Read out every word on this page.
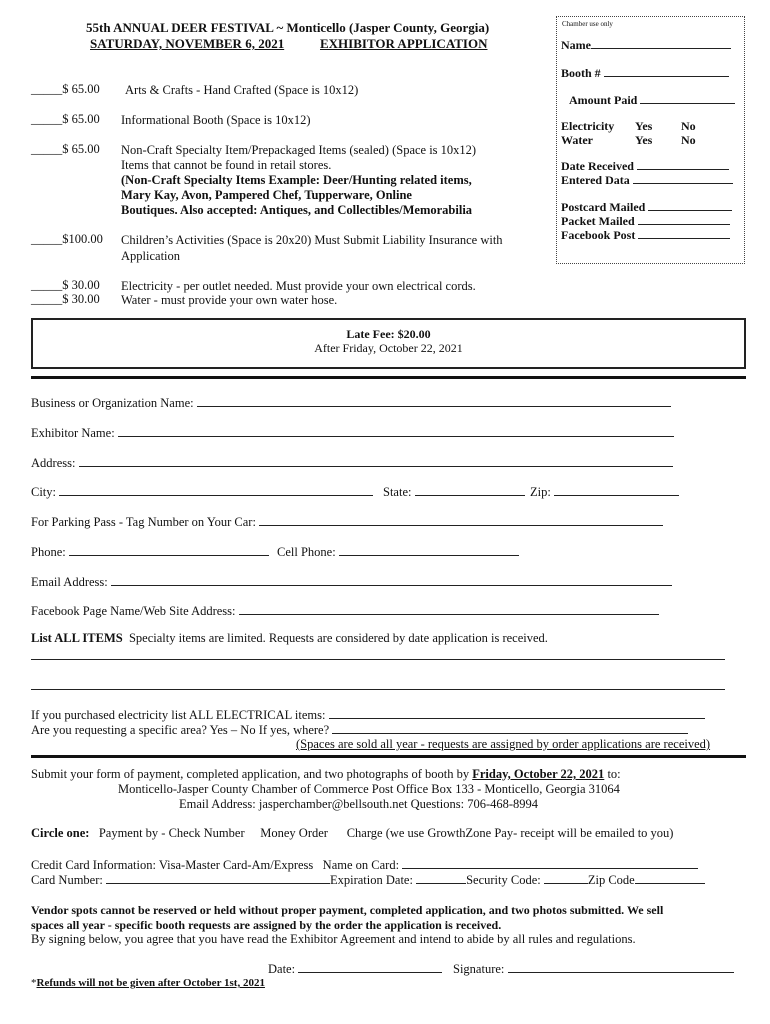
55th ANNUAL DEER FESTIVAL ~ Monticello (Jasper County, Georgia)
SATURDAY, NOVEMBER 6, 2021	EXHIBITOR APPLICATION
Chamber use only
Name
Booth #
Amount Paid
Electricity Yes No
Water	Yes No
Date Received
Entered Data
Postcard Mailed
Packet Mailed
Facebook Post
_____$ 65.00 Arts & Crafts - Hand Crafted (Space is 10x12)
_____$ 65.00 Informational Booth (Space is 10x12)
_____$ 65.00 Non-Craft Specialty Item/Prepackaged Items (sealed) (Space is 10x12)
Items that cannot be found in retail stores.
(Non-Craft Specialty Items Example: Deer/Hunting related items,
Mary Kay, Avon, Pampered Chef, Tupperware, Online
Boutiques. Also accepted: Antiques, and Collectibles/Memorabilia
_____$100.00 Children’s Activities (Space is 20x20) Must Submit Liability Insurance with
Application
_____$ 30.00 Electricity - per outlet needed. Must provide your own electrical cords.
_____$ 30.00 Water - must provide your own water hose.
Late Fee: $20.00
After Friday, October 22, 2021
Business or Organization Name:
Exhibitor Name:
Address:
City:	State:	Zip:
For Parking Pass - Tag Number on Your Car:
Phone:	Cell Phone:
Email Address:
Facebook Page Name/Web Site Address:
List ALL ITEMS Specialty items are limited. Requests are considered by date application is received.
If you purchased electricity list ALL ELECTRICAL items:
Are you requesting a specific area? Yes – No If yes, where?
(Spaces are sold all year - requests are assigned by order applications are received)
Submit your form of payment, completed application, and two photographs of booth by Friday, October 22, 2021 to:
Monticello-Jasper County Chamber of Commerce Post Office Box 133 - Monticello, Georgia 31064
Email Address: jasperchamber@bellsouth.net Questions: 706-468-8994
Circle one: Payment by - Check Number Money Order Charge (we use GrowthZone Pay- receipt will be emailed to you)
Credit Card Information: Visa-Master Card-Am/Express Name on Card:
Card Number:	Expiration Date:	Security Code:	Zip Code
Vendor spots cannot be reserved or held without proper payment, completed application, and two photos submitted. We sell
spaces all year - specific booth requests are assigned by the order the application is received.
By signing below, you agree that you have read the Exhibitor Agreement and intend to abide by all rules and regulations.
Date:	Signature:
*Refunds will not be given after October 1st, 2021
